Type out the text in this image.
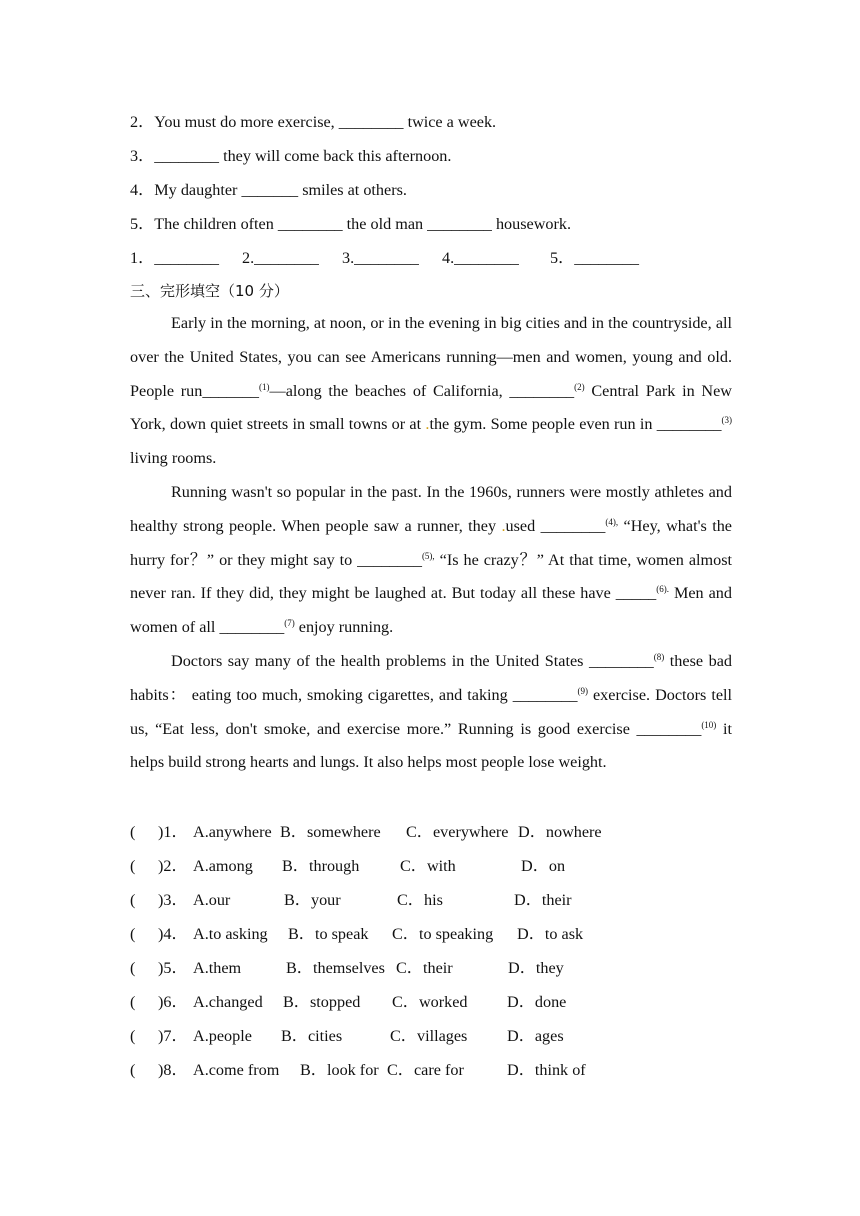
2．You must do more exercise, ________ twice a week.
3．________ they will come back this afternoon.
4．My daughter _______ smiles at others.
5．The children often ________ the old man ________ housework.
1．________ 2.________ 3.________ 4.________ 5．________
三、完形填空（10 分）
Early in the morning, at noon, or in the evening in big cities and in the countryside, all over the United States, you can see Americans running—men and women, young and old. People run_______$^{(1)}$—along the beaches of California, ________$^{(2)}$ Central Park in New York, down quiet streets in small towns or at .the gym. Some people even run in ________$^{(3)}$ living rooms.
Running wasn't so popular in the past. In the 1960s, runners were mostly athletes and healthy strong people. When people saw a runner, they .used ________$^{(4),}$ “Hey, what's the hurry for？” or they might say to ________$^{(5),}$ “Is he crazy？” At that time, women almost never ran. If they did, they might be laughed at. But today all these have _____$^{(6).}$ Men and women of all ________$^{(7)}$ enjoy running.
Doctors say many of the health problems in the United States ________$^{(8)}$ these bad habits： eating too much, smoking cigarettes, and taking ________$^{(9)}$ exercise. Doctors tell us, “Eat less, don't smoke, and exercise more.” Running is good exercise ________$^{(10)}$ it helps build strong hearts and lungs. It also helps most people lose weight.
( )1． A.anywhere B．somewhere C．everywhere D．nowhere
( )2． A.among B．through	C．with	D．on
( )3． A.our	B．your	C．his	D．their
( )4． A.to asking B．to speak C．to speaking D．to ask
( )5． A.them	B．themselves C．their	D．they
( )6． A.changed B．stopped C．worked D．done
( )7． A.people B．cities	C．villages D．ages
( )8． A.come from B．look for C．care for	D．think of
